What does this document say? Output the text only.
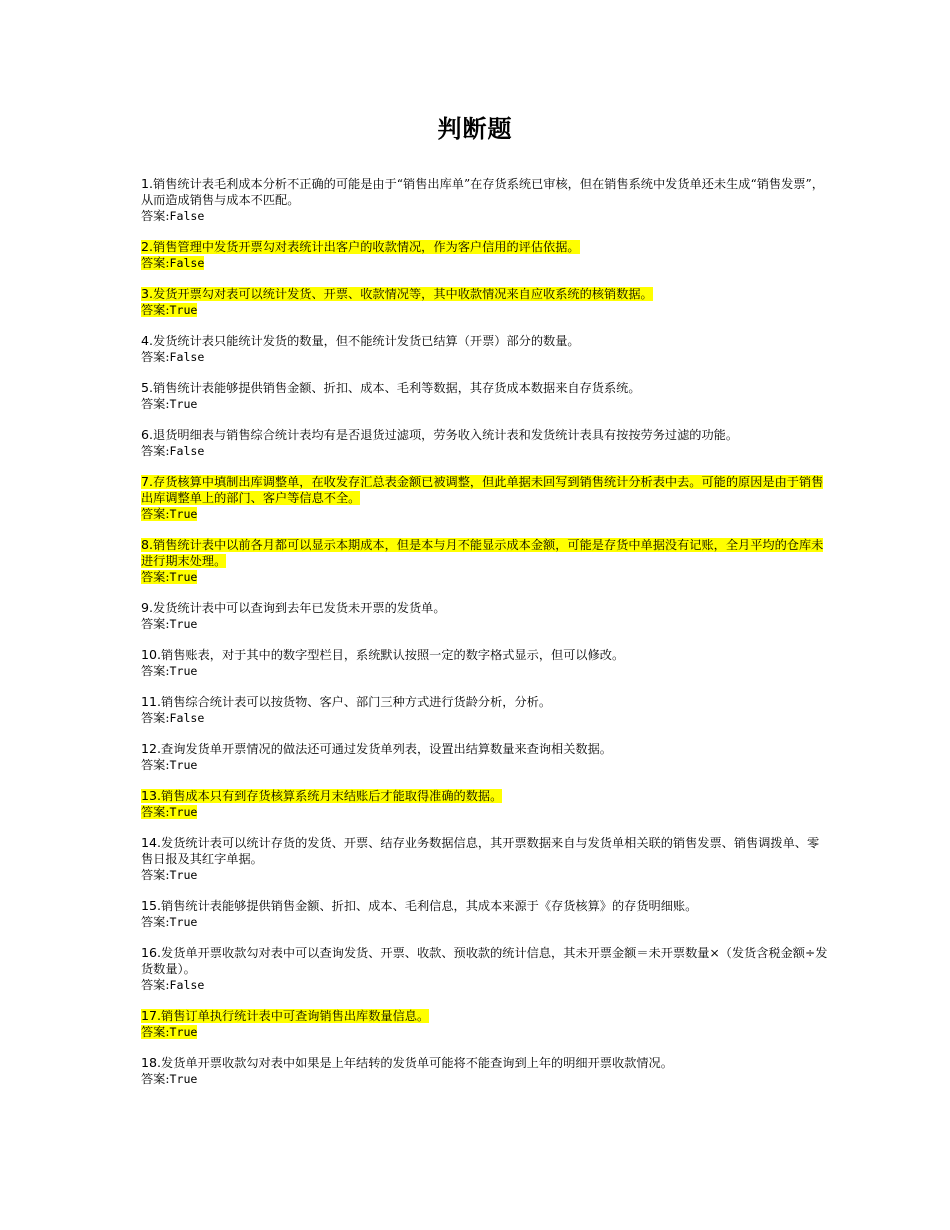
判断题
1.销售统计表毛利成本分析不正确的可能是由于“销售出库单”在存货系统已审核，但在销售系统中发货单还未生成“销售发票”，从而造成销售与成本不匹配。
答案:False
2.销售管理中发货开票勾对表统计出客户的收款情况，作为客户信用的评估依据。
答案:False
3.发货开票勾对表可以统计发货、开票、收款情况等，其中收款情况来自应收系统的核销数据。
答案:True
4.发货统计表只能统计发货的数量，但不能统计发货已结算（开票）部分的数量。
答案:False
5.销售统计表能够提供销售金额、折扣、成本、毛利等数据，其存货成本数据来自存货系统。
答案:True
6.退货明细表与销售综合统计表均有是否退货过滤项，劳务收入统计表和发货统计表具有按按劳务过滤的功能。
答案:False
7.存货核算中填制出库调整单，在收发存汇总表金额已被调整，但此单据未回写到销售统计分析表中去。可能的原因是由于销售出库调整单上的部门、客户等信息不全。
答案:True
8.销售统计表中以前各月都可以显示本期成本，但是本与月不能显示成本金额，可能是存货中单据没有记账，全月平均的仓库未进行期末处理。
答案:True
9.发货统计表中可以查询到去年已发货未开票的发货单。
答案:True
10.销售账表，对于其中的数字型栏目，系统默认按照一定的数字格式显示，但可以修改。
答案:True
11.销售综合统计表可以按货物、客户、部门三种方式进行货龄分析，分析。
答案:False
12.查询发货单开票情况的做法还可通过发货单列表，设置出结算数量来查询相关数据。
答案:True
13.销售成本只有到存货核算系统月末结账后才能取得准确的数据。
答案:True
14.发货统计表可以统计存货的发货、开票、结存业务数据信息，其开票数据来自与发货单相关联的销售发票、销售调拨单、零售日报及其红字单据。
答案:True
15.销售统计表能够提供销售金额、折扣、成本、毛利信息，其成本来源于《存货核算》的存货明细账。
答案:True
16.发货单开票收款勾对表中可以查询发货、开票、收款、预收款的统计信息，其未开票金额＝未开票数量×（发货含税金额÷发货数量）。
答案:False
17.销售订单执行统计表中可查询销售出库数量信息。
答案:True
18.发货单开票收款勾对表中如果是上年结转的发货单可能将不能查询到上年的明细开票收款情况。
答案:True
